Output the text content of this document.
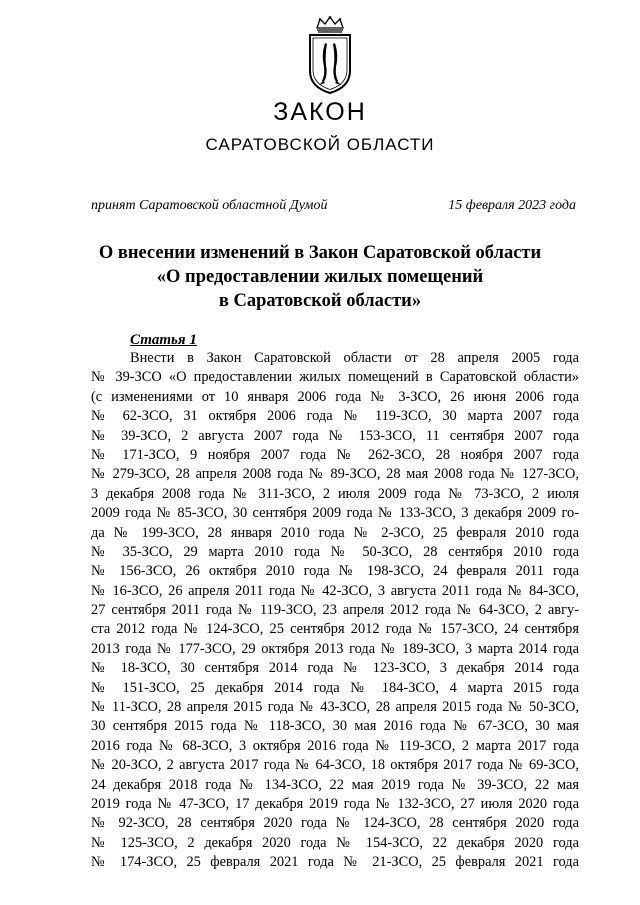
ЗАКОН
САРАТОВСКОЙ ОБЛАСТИ
принят Саратовской областной Думой	15 февраля 2023 года
О внесении изменений в Закон Саратовской области
«О предоставлении жилых помещений
в Саратовской области»
Статья 1
Внести в Закон Саратовской области от 28 апреля 2005 года
№ 39-ЗСО «О предоставлении жилых помещений в Саратовской области»
(с изменениями от 10 января 2006 года № 3-ЗСО, 26 июня 2006 года
№ 62-ЗСО, 31 октября 2006 года № 119-ЗСО, 30 марта 2007 года
№ 39-ЗСО, 2 августа 2007 года № 153-ЗСО, 11 сентября 2007 года
№ 171-ЗСО, 9 ноября 2007 года № 262-ЗСО, 28 ноября 2007 года
№ 279-ЗСО, 28 апреля 2008 года № 89-ЗСО, 28 мая 2008 года № 127-ЗСО,
3 декабря 2008 года № 311-ЗСО, 2 июля 2009 года № 73-ЗСО, 2 июля
2009 года № 85-ЗСО, 30 сентября 2009 года № 133-ЗСО, 3 декабря 2009 го-
да № 199-ЗСО, 28 января 2010 года № 2-ЗСО, 25 февраля 2010 года
№ 35-ЗСО, 29 марта 2010 года № 50-ЗСО, 28 сентября 2010 года
№ 156-ЗСО, 26 октября 2010 года № 198-ЗСО, 24 февраля 2011 года
№ 16-ЗСО, 26 апреля 2011 года № 42-ЗСО, 3 августа 2011 года № 84-ЗСО,
27 сентября 2011 года № 119-ЗСО, 23 апреля 2012 года № 64-ЗСО, 2 авгу-
ста 2012 года № 124-ЗСО, 25 сентября 2012 года № 157-ЗСО, 24 сентября
2013 года № 177-ЗСО, 29 октября 2013 года № 189-ЗСО, 3 марта 2014 года
№ 18-ЗСО, 30 сентября 2014 года № 123-ЗСО, 3 декабря 2014 года
№ 151-ЗСО, 25 декабря 2014 года № 184-ЗСО, 4 марта 2015 года
№ 11-ЗСО, 28 апреля 2015 года № 43-ЗСО, 28 апреля 2015 года № 50-ЗСО,
30 сентября 2015 года № 118-ЗСО, 30 мая 2016 года № 67-ЗСО, 30 мая
2016 года № 68-ЗСО, 3 октября 2016 года № 119-ЗСО, 2 марта 2017 года
№ 20-ЗСО, 2 августа 2017 года № 64-ЗСО, 18 октября 2017 года № 69-ЗСО,
24 декабря 2018 года № 134-ЗСО, 22 мая 2019 года № 39-ЗСО, 22 мая
2019 года № 47-ЗСО, 17 декабря 2019 года № 132-ЗСО, 27 июля 2020 года
№ 92-ЗСО, 28 сентября 2020 года № 124-ЗСО, 28 сентября 2020 года
№ 125-ЗСО, 2 декабря 2020 года № 154-ЗСО, 22 декабря 2020 года
№ 174-ЗСО, 25 февраля 2021 года № 21-ЗСО, 25 февраля 2021 года
